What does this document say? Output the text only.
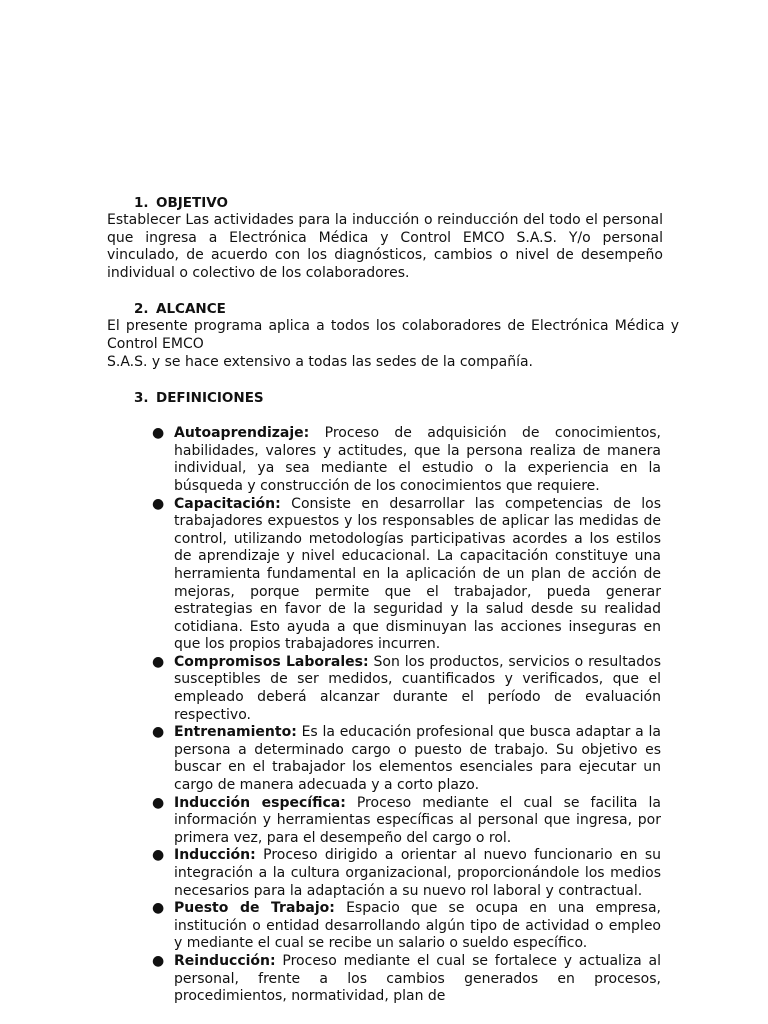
1. OBJETIVO

Establecer Las actividades para la inducción o reinducción del todo el personal que ingresa a Electrónica Médica y Control EMCO S.A.S. Y/o personal vinculado, de acuerdo con los diagnósticos, cambios o nivel de desempeño individual o colectivo de los colaboradores.

2. ALCANCE

El presente programa aplica a todos los colaboradores de Electrónica Médica y Control EMCO

S.A.S. y se hace extensivo a todas las sedes de la compañía.

3. DEFINICIONES
● Autoaprendizaje: Proceso de adquisición de conocimientos, habilidades, valores y actitudes, que la persona realiza de manera individual, ya sea mediante el estudio o la experiencia en la búsqueda y construcción de los conocimientos que requiere.
● Capacitación: Consiste en desarrollar las competencias de los trabajadores expuestos y los responsables de aplicar las medidas de control, utilizando metodologías participativas acordes a los estilos de aprendizaje y nivel educacional. La capacitación constituye una herramienta fundamental en la aplicación de un plan de acción de mejoras, porque permite que el trabajador, pueda generar estrategias en favor de la seguridad y la salud desde su realidad cotidiana. Esto ayuda a que disminuyan las acciones inseguras en que los propios trabajadores incurren.
● Compromisos Laborales: Son los productos, servicios o resultados susceptibles de ser medidos, cuantificados y verificados, que el empleado deberá alcanzar durante el período de evaluación respectivo.
● Entrenamiento: Es la educación profesional que busca adaptar a la persona a determinado cargo o puesto de trabajo. Su objetivo es buscar en el trabajador los elementos esenciales para ejecutar un cargo de manera adecuada y a corto plazo.
● Inducción específica: Proceso mediante el cual se facilita la información y herramientas específicas al personal que ingresa, por primera vez, para el desempeño del cargo o rol.
● Inducción: Proceso dirigido a orientar al nuevo funcionario en su integración a la cultura organizacional, proporcionándole los medios necesarios para la adaptación a su nuevo rol laboral y contractual.
● Puesto de Trabajo: Espacio que se ocupa en una empresa, institución o entidad desarrollando algún tipo de actividad o empleo y mediante el cual se recibe un salario o sueldo específico.
● Reinducción: Proceso mediante el cual se fortalece y actualiza al personal, frente a los cambios generados en procesos, procedimientos, normatividad, plan de
